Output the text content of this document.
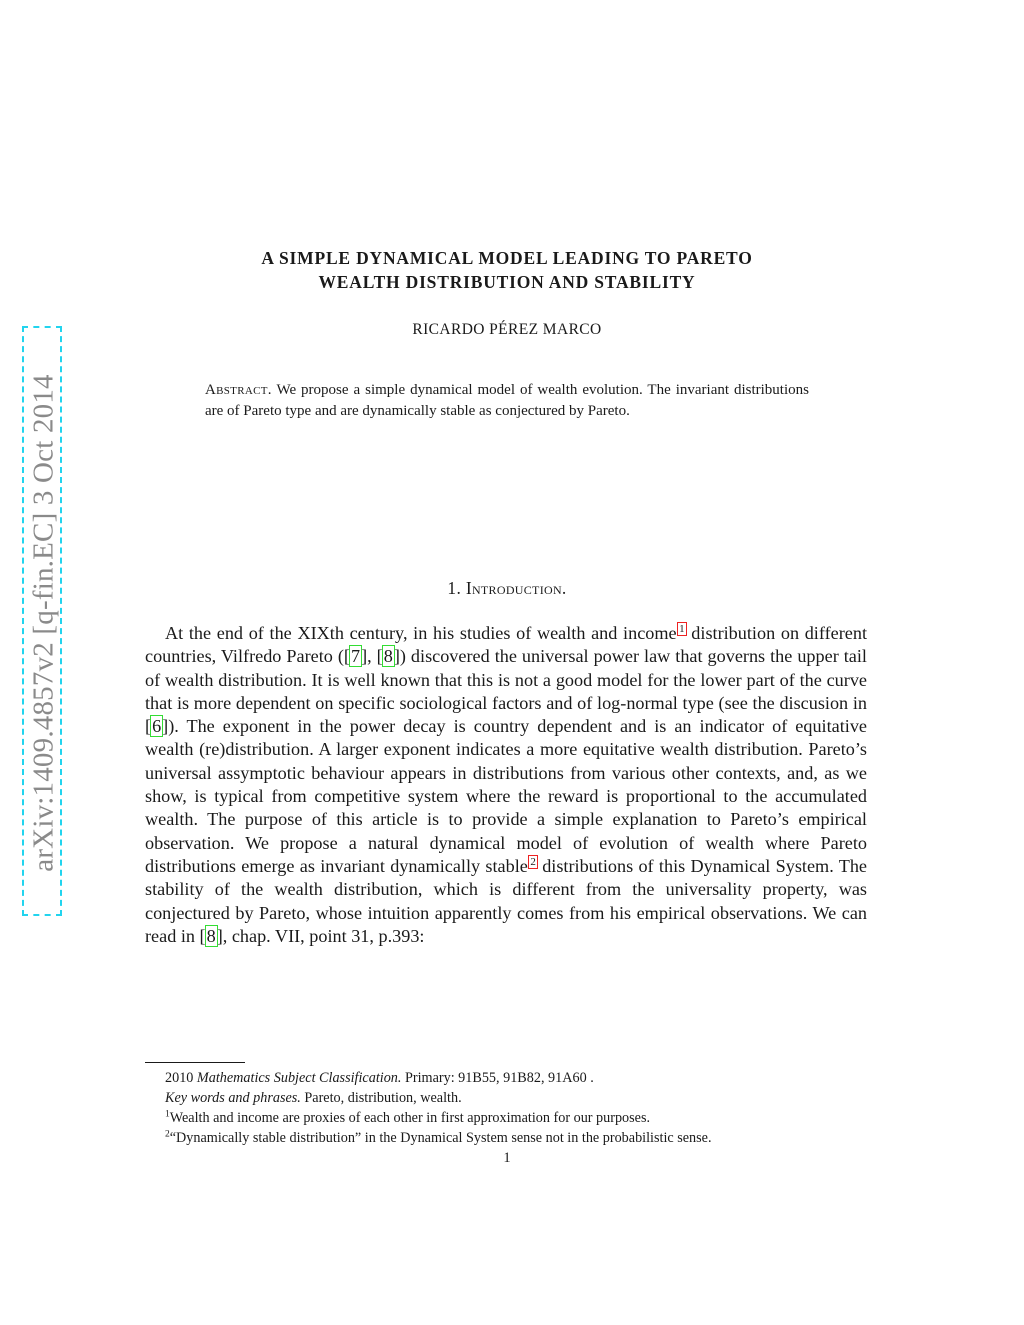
arXiv:1409.4857v2 [q-fin.EC] 3 Oct 2014
A SIMPLE DYNAMICAL MODEL LEADING TO PARETO
WEALTH DISTRIBUTION AND STABILITY
RICARDO PÉREZ MARCO
Abstract. We propose a simple dynamical model of wealth evolution. The invariant distributions are of Pareto type and are dynamically stable as conjectured by Pareto.
1. Introduction.

At the end of the XIXth century, in his studies of wealth and income  $^1$ distribution on different countries, Vilfredo Pareto ([7], [8]) discovered the universal power law that governs the upper tail of wealth distribution. It is well known that this is not a good model for the lower part of the curve that is more dependent on specific sociological factors and of log-normal type (see the discusion in [6]). The exponent in the power decay is country dependent and is an indicator of equitative wealth (re)distribution. A larger exponent indicates a more equitative wealth distribution. Pareto’s universal assymptotic behaviour appears in distributions from various other contexts, and, as we show, is typical from competitive system where the reward is proportional to the accumulated wealth. The purpose of this article is to provide a simple explanation to Pareto’s empirical observation. We propose a natural dynamical model of evolution of wealth where Pareto distributions emerge as invariant dynamically stable  $^2$ distributions of this Dynamical System. The stability of the wealth distribution, which is different from the universality property, was conjectured by Pareto, whose intuition apparently comes from his empirical observations. We can read in [8], chap. VII, point 31, p.393:

2010 Mathematics Subject Classification. Primary: 91B55, 91B82, 91A60 .
Key words and phrases. Pareto, distribution, wealth.
$^1$Wealth and income are proxies of each other in first approximation for our purposes.
$^2$“Dynamically stable distribution” in the Dynamical System sense not in the probabilistic sense.
1
